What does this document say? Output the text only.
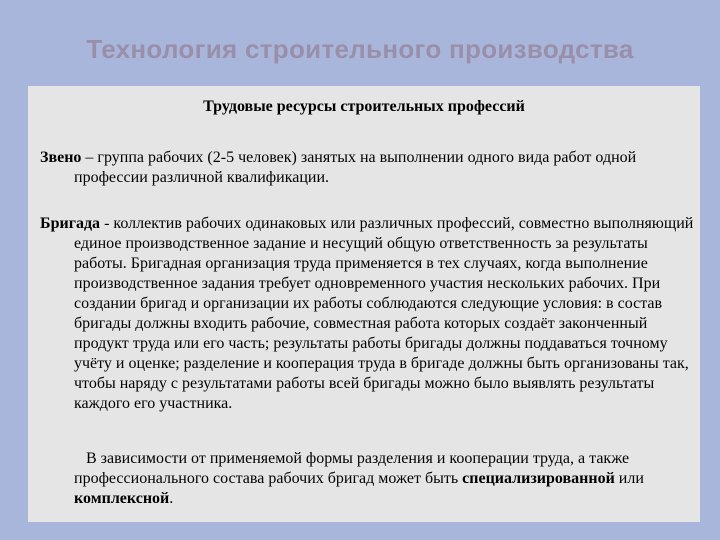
Технология строительного производства
Трудовые ресурсы строительных профессий
Звено – группа рабочих (2-5 человек) занятых на выполнении одного вида работ одной профессии различной квалификации.
Бригада - коллектив рабочих одинаковых или различных профессий, совместно выполняющий единое производственное задание и несущий общую ответственность за результаты работы. Бригадная организация труда применяется в тех случаях, когда выполнение производственное задания требует одновременного участия нескольких рабочих. При создании бригад и организации их работы соблюдаются следующие условия: в состав бригады должны входить рабочие, совместная работа которых создаёт законченный продукт труда или его часть; результаты работы бригады должны поддаваться точному учёту и оценке; разделение и кооперация труда в бригаде должны быть организованы так, чтобы наряду с результатами работы всей бригады можно было выявлять результаты каждого его участника.
В зависимости от применяемой формы разделения и кооперации труда, а также профессионального состава рабочих бригад может быть специализированной или комплексной.
